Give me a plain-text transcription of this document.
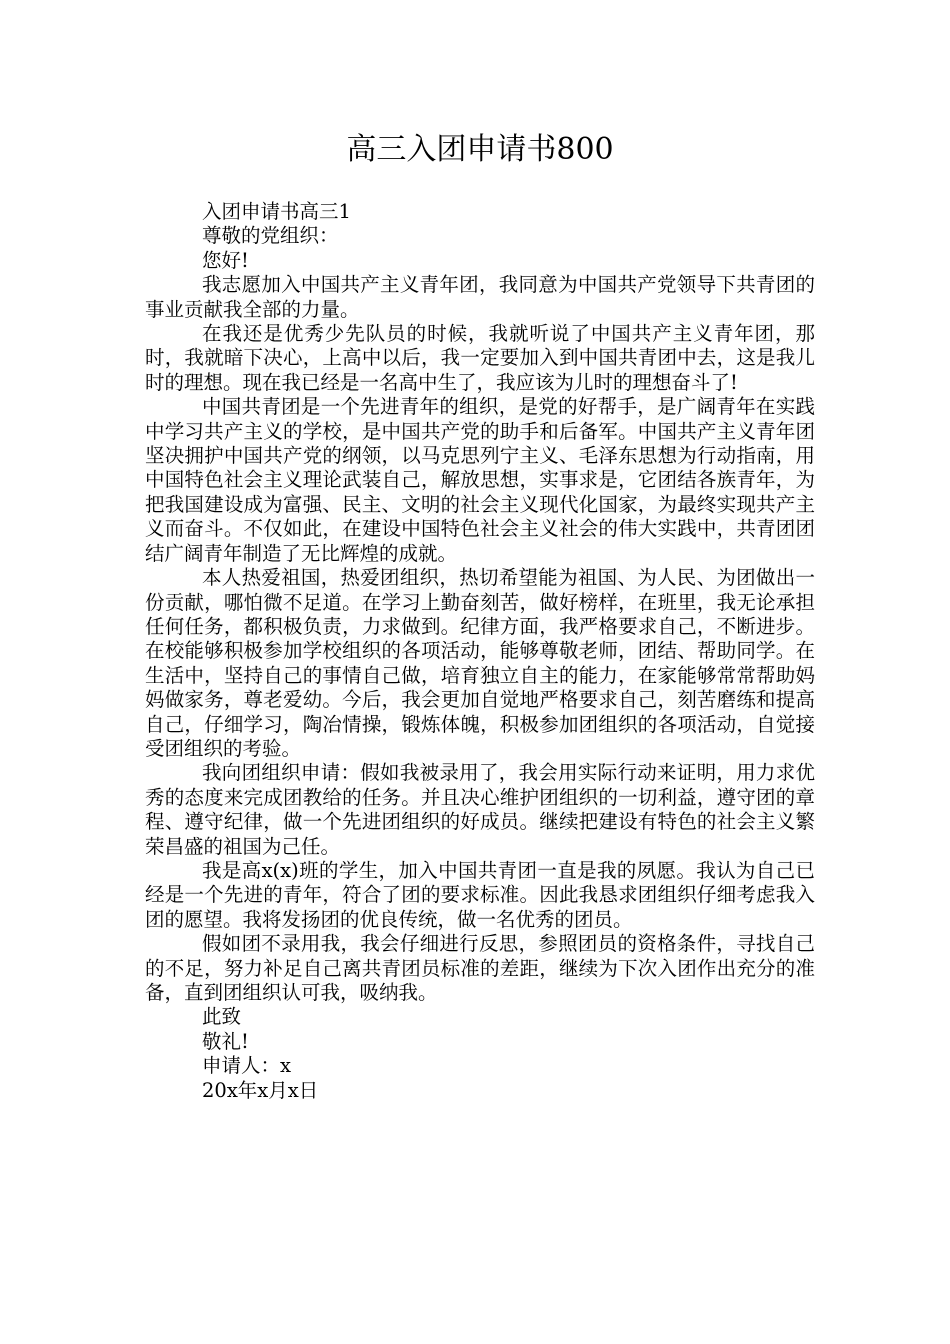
高三入团申请书800

入团申请书高三1

尊敬的党组织：

您好!

我志愿加入中国共产主义青年团，我同意为中国共产党领导下共青团的事业贡献我全部的力量。

在我还是优秀少先队员的时候，我就听说了中国共产主义青年团，那时，我就暗下决心，上高中以后，我一定要加入到中国共青团中去，这是我儿时的理想。现在我已经是一名高中生了，我应该为儿时的理想奋斗了!

中国共青团是一个先进青年的组织，是党的好帮手，是广阔青年在实践中学习共产主义的学校，是中国共产党的助手和后备军。中国共产主义青年团坚决拥护中国共产党的纲领，以马克思列宁主义、毛泽东思想为行动指南，用中国特色社会主义理论武装自己，解放思想，实事求是，它团结各族青年，为把我国建设成为富强、民主、文明的社会主义现代化国家，为最终实现共产主义而奋斗。不仅如此，在建设中国特色社会主义社会的伟大实践中，共青团团结广阔青年制造了无比辉煌的成就。

本人热爱祖国，热爱团组织，热切希望能为祖国、为人民、为团做出一份贡献，哪怕微不足道。在学习上勤奋刻苦，做好榜样，在班里，我无论承担任何任务，都积极负责，力求做到。纪律方面，我严格要求自己，不断进步。在校能够积极参加学校组织的各项活动，能够尊敬老师，团结、帮助同学。在生活中，坚持自己的事情自己做，培育独立自主的能力，在家能够常常帮助妈妈做家务，尊老爱幼。今后，我会更加自觉地严格要求自己，刻苦磨练和提高自己，仔细学习，陶冶情操，锻炼体魄，积极参加团组织的各项活动，自觉接受团组织的考验。

我向团组织申请：假如我被录用了，我会用实际行动来证明，用力求优秀的态度来完成团教给的任务。并且决心维护团组织的一切利益，遵守团的章程、遵守纪律，做一个先进团组织的好成员。继续把建设有特色的社会主义繁荣昌盛的祖国为己任。

我是高x(x)班的学生，加入中国共青团一直是我的夙愿。我认为自己已经是一个先进的青年，符合了团的要求标准。因此我恳求团组织仔细考虑我入团的愿望。我将发扬团的优良传统，做一名优秀的团员。

假如团不录用我，我会仔细进行反思，参照团员的资格条件，寻找自己的不足，努力补足自己离共青团员标准的差距，继续为下次入团作出充分的准备，直到团组织认可我，吸纳我。

此致

敬礼!

申请人：x

20x年x月x日
